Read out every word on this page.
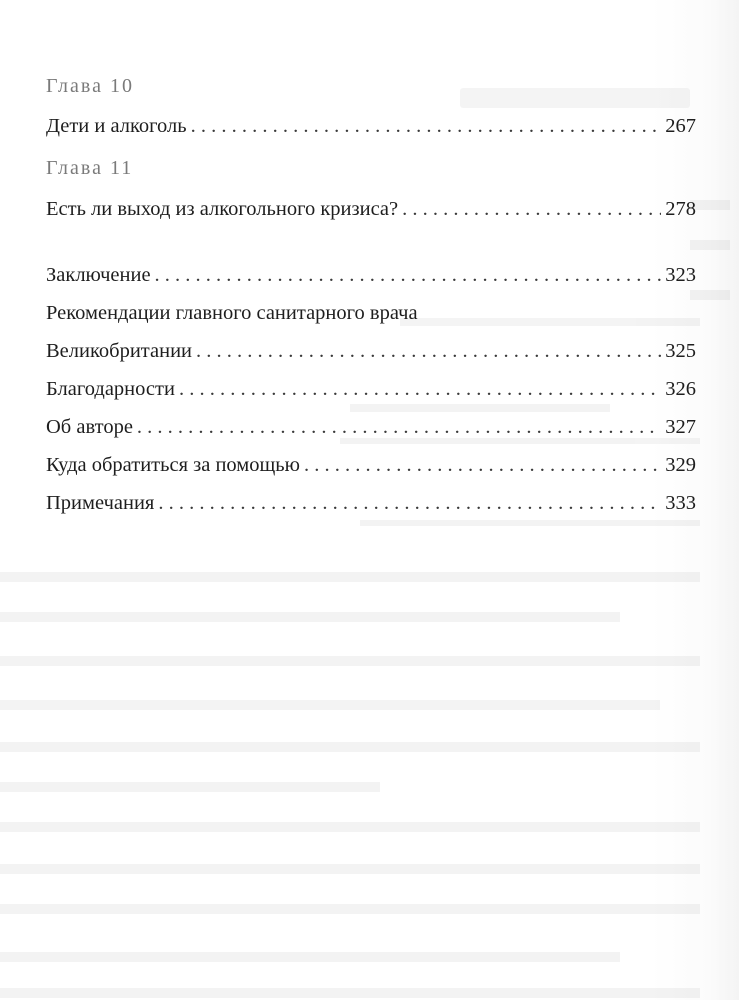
Глава 10
Дети и алкоголь . . .	267
Глава 11
Есть ли выход из алкогольного кризиса? . . .	278
Заключение . . .	323
Рекомендации главного санитарного врача
Великобритании . . .	325
Благодарности . . .	326
Об авторе . . .	327
Куда обратиться за помощью . . .	329
Примечания . . .	333
